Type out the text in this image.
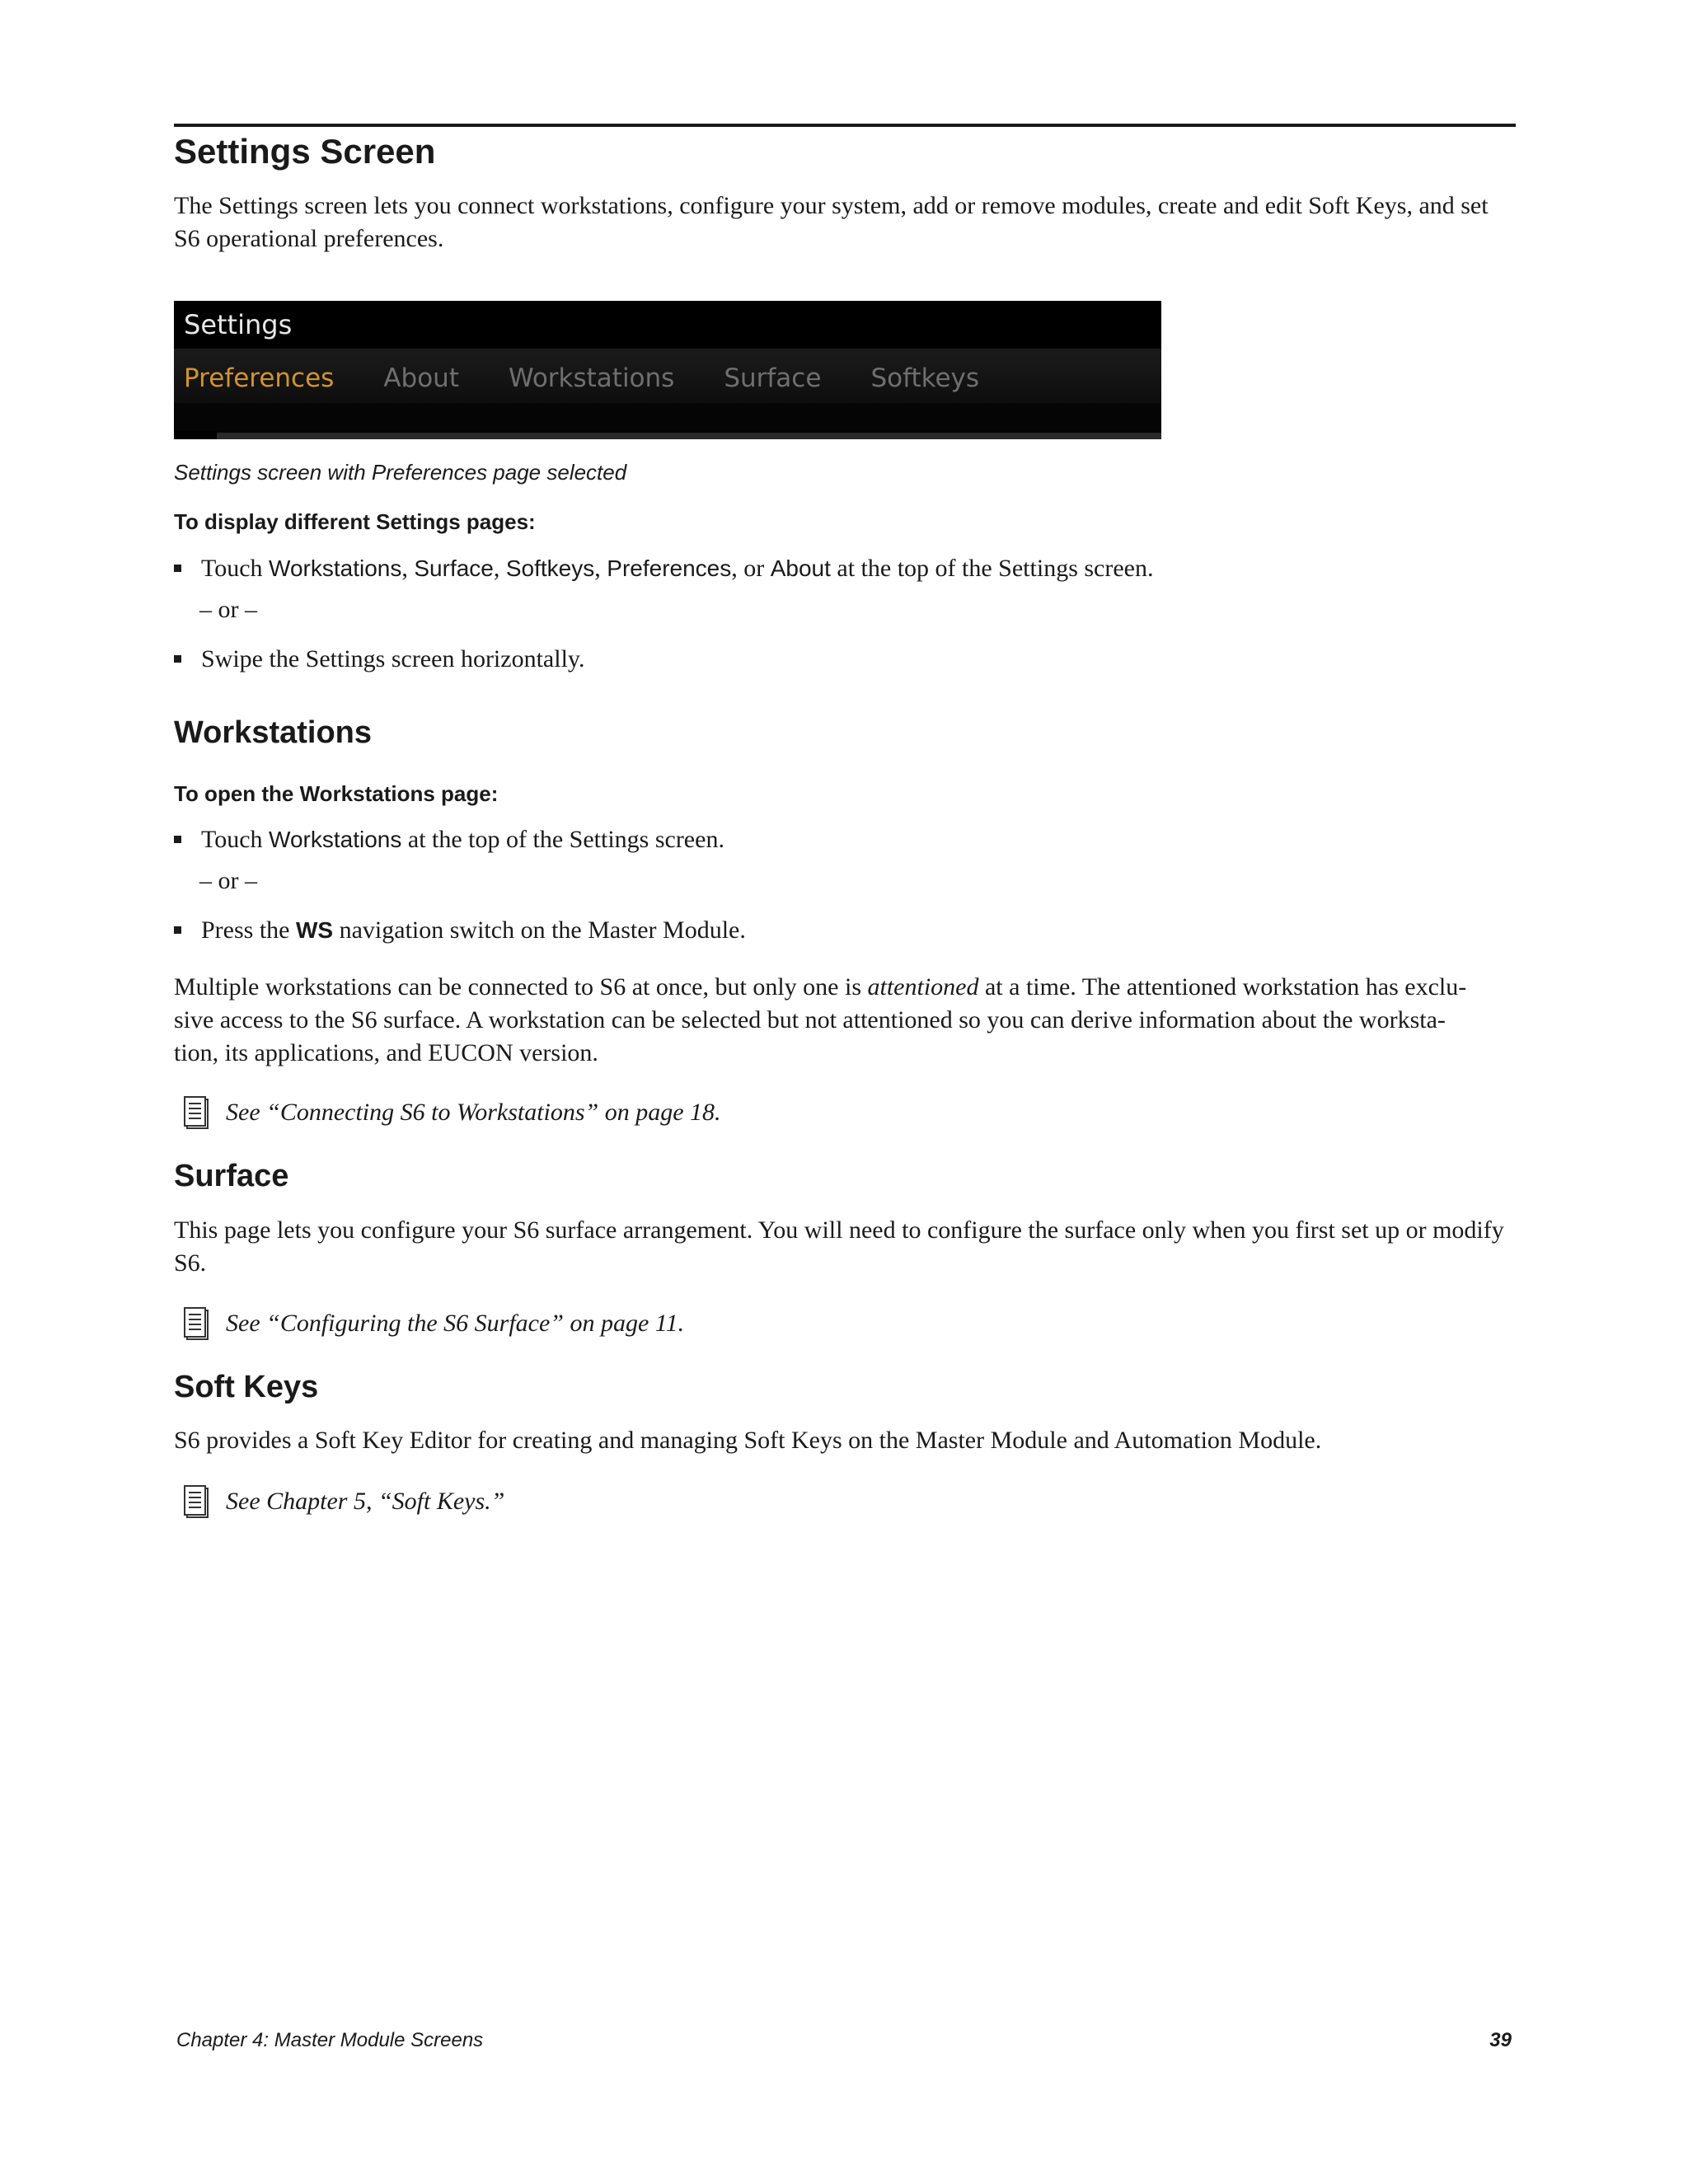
Settings Screen

The Settings screen lets you connect workstations, configure your system, add or remove modules, create and edit Soft Keys, and set S6 operational preferences.

Settings
Preferences About Workstations Surface Softkeys
Settings screen with Preferences page selected
To display different Settings pages:
Touch Workstations, Surface, Softkeys, Preferences, or About at the top of the Settings screen.
– or –
Swipe the Settings screen horizontally.
Workstations
To open the Workstations page:
Touch Workstations at the top of the Settings screen.
– or –
Press the WS navigation switch on the Master Module.
Multiple workstations can be connected to S6 at once, but only one is attentioned at a time. The attentioned workstation has exclu-
sive access to the S6 surface. A workstation can be selected but not attentioned so you can derive information about the worksta-
tion, its applications, and EUCON version.
See “Connecting S6 to Workstations” on page 18.
Surface

This page lets you configure your S6 surface arrangement. You will need to configure the surface only when you first set up or modify S6.

See “Configuring the S6 Surface” on page 11.
Soft Keys

S6 provides a Soft Key Editor for creating and managing Soft Keys on the Master Module and Automation Module.

See Chapter 5, “Soft Keys.”
Chapter 4: Master Module Screens	39
